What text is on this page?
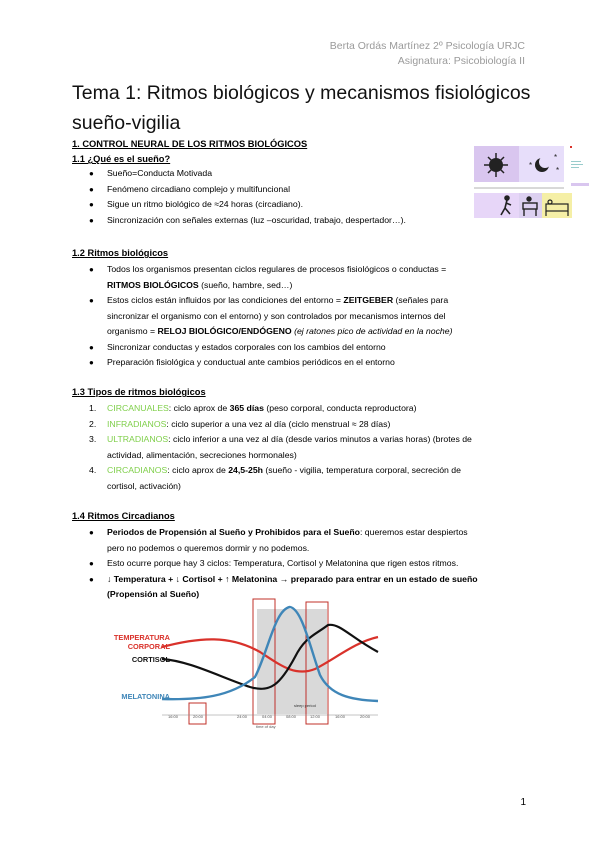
Berta Ordás Martínez 2º Psicología URJC
Asignatura: Psicobiología II
Tema 1: Ritmos biológicos y mecanismos fisiológicos
sueño-vigilia
1. CONTROL NEURAL DE LOS RITMOS BIOLÓGICOS
1.1 ¿Qué es el sueño?
● Sueño=Conducta Motivada
● Fenómeno circadiano complejo y multifuncional
● Sigue un ritmo biológico de ≈24 horas (circadiano).
● Sincronización con señales externas (luz –oscuridad, trabajo, despertador…).
*
*
*
1.2 Ritmos biológicos
● Todos los organismos presentan ciclos regulares de procesos fisiológicos o conductas =
RITMOS BIOLÓGICOS (sueño, hambre, sed…)
● Estos ciclos están influidos por las condiciones del entorno = ZEITGEBER (señales para
sincronizar el organismo con el entorno) y son controlados por mecanismos internos del
organismo = RELOJ BIOLÓGICO/ENDÓGENO (ej ratones pico de actividad en la noche)
● Sincronizar conductas y estados corporales con los cambios del entorno
● Preparación fisiológica y conductual ante cambios periódicos en el entorno
1.3 Tipos de ritmos biológicos
1. CIRCANUALES: ciclo aprox de 365 días (peso corporal, conducta reproductora)
2. INFRADIANOS: ciclo superior a una vez al día (ciclo menstrual ≈ 28 días)
3. ULTRADIANOS: ciclo inferior a una vez al día (desde varios minutos a varias horas) (brotes de
actividad, alimentación, secreciones hormonales)
4. CIRCADIANOS: ciclo aprox de 24,5-25h (sueño - vigilia, temperatura corporal, secreción de
cortisol, activación)
1.4 Ritmos Circadianos
● Periodos de Propensión al Sueño y Prohibidos para el Sueño: queremos estar despiertos
pero no podemos o queremos dormir y no podemos.
● Esto ocurre porque hay 3 ciclos: Temperatura, Cortisol y Melatonina que rigen estos ritmos.
● ↓ Temperatura + ↓ Cortisol + ↑ Melatonina → preparado para entrar en un estado de sueño
(Propensión al Sueño)
TEMPERATURA
CORPORAL
CORTISOL
MELATONINA
sleep period
16:00	20:00	24:00	04:00	08:00	12:00	16:00	20:00
time of day
1
